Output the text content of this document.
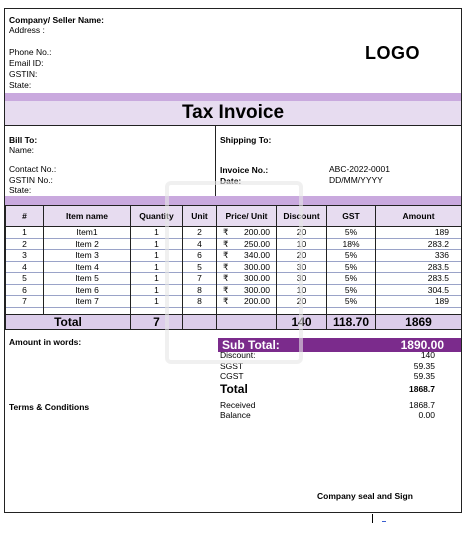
Company/ Seller Name:
Address :
Phone No.:
Email ID:
GSTIN:
State:
LOGO
Tax Invoice
Bill To:
Name:
Contact No.:
GSTIN No.:
State:
Shipping To:
Invoice No.:	ABC-2022-0001
Date:	DD/MM/YYYY
#	Item name	Quantity	Unit	Price/ Unit	Discount	GST	Amount
1	Item1	1	2	₹ 200.00	20	5%	189
2	Item 2	1	4	₹ 250.00	10	18%	283.2
3	Item 3	1	6	₹ 340.00	20	5%	336
4	Item 4	1	5	₹ 300.00	30	5%	283.5
5	Item 5	1	7	₹ 300.00	30	5%	283.5
6	Item 6	1	8	₹ 300.00	10	5%	304.5
7	Item 7	1	8	₹ 200.00	20	5%	189

Total		7			140	118.70	1869
Amount in words:
Terms & Conditions
Sub Total:	1890.00
Discount:	140
SGST	59.35
CGST	59.35
Total	1868.7
Received	1868.7
Balance	0.00
Company seal and Sign
